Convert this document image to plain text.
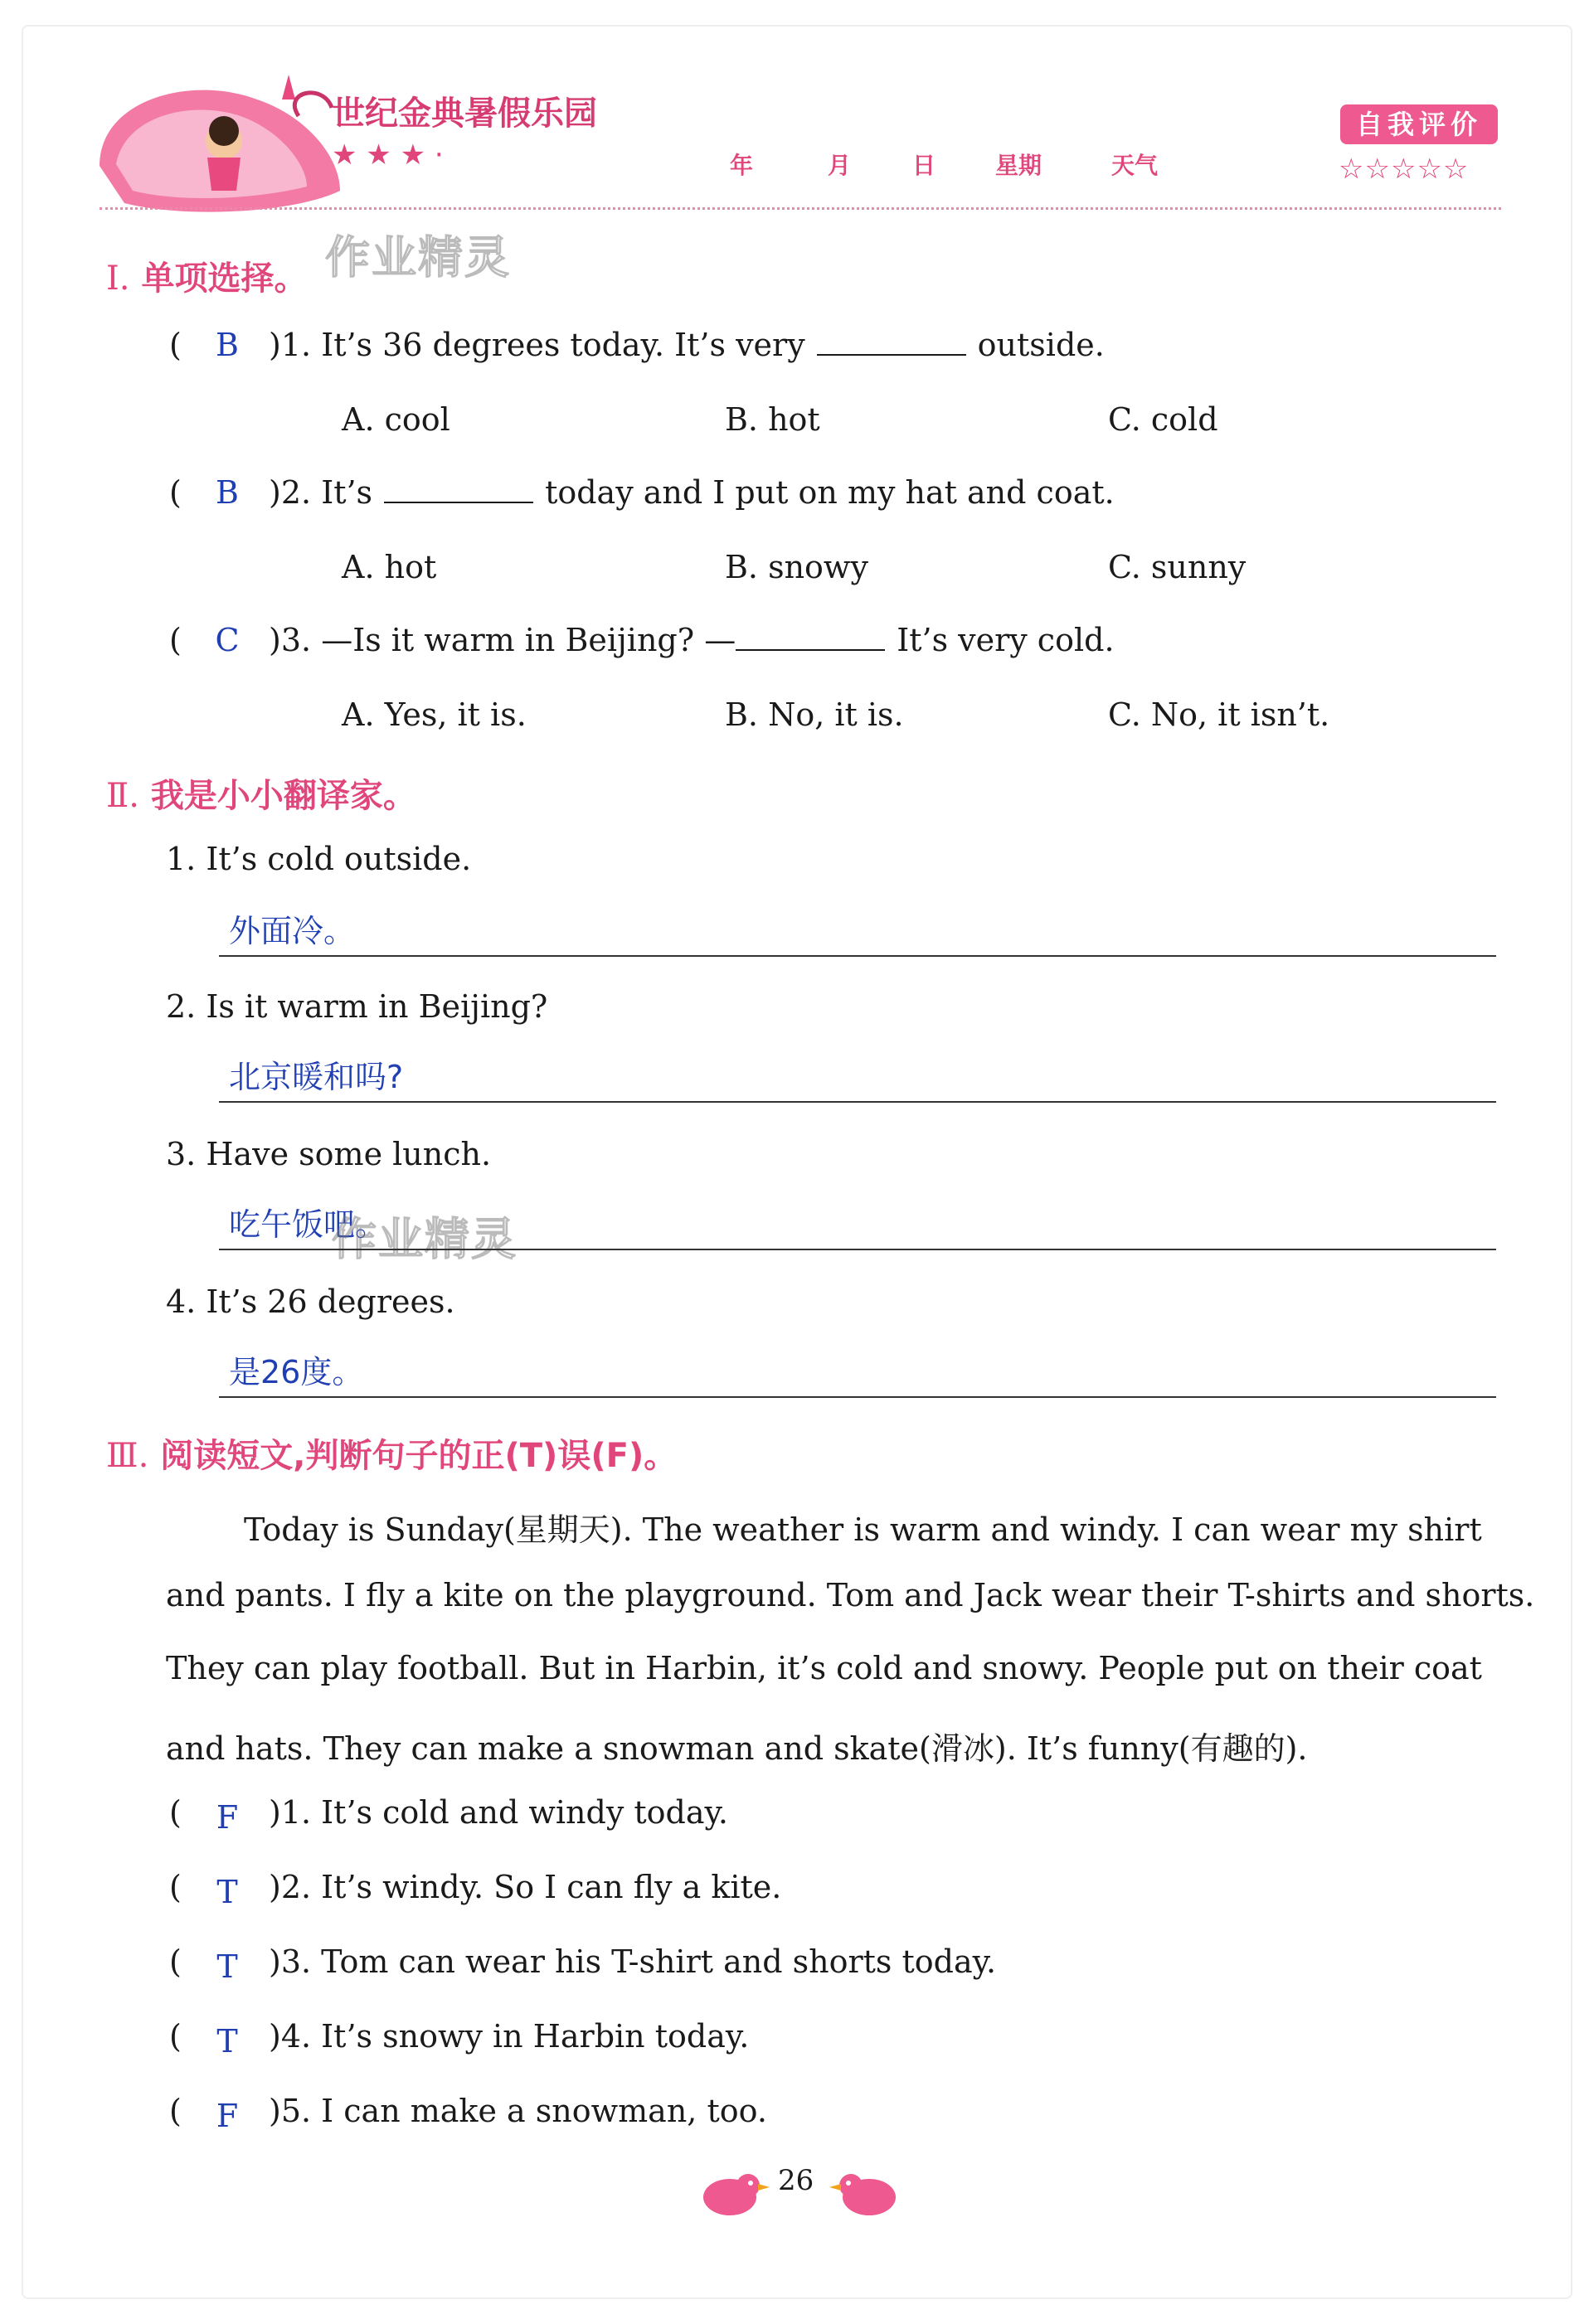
世纪金典暑假乐园
★ ★ ★ ·	年	月	日	星期	天气
自我评价
☆☆☆☆☆
Ⅰ. 单项选择。 作业精灵
(	B )1. It’s 36 degrees today. It’s very	outside.
A. cool	B. hot	C. cold
(	B )2. It’s	today and I put on my hat and coat.
A. hot	B. snowy	C. sunny
(	C )3. —Is it warm in Beijing? —	It’s very cold.
A. Yes, it is.	B. No, it is.	C. No, it isn’t.
Ⅱ. 我是小小翻译家。
1. It’s cold outside.
外面冷。
2. Is it warm in Beijing?
北京暖和吗?
3. Have some lunch.
吃午饭吧。
作业精灵
4. It’s 26 degrees.
是26度。
Ⅲ. 阅读短文,判断句子的正(T)误(F)。
Today is Sunday(星期天). The weather is warm and windy. I can wear my shirt
and pants. I fly a kite on the playground. Tom and Jack wear their T-shirts and shorts.
They can play football. But in Harbin, it’s cold and snowy. People put on their coat
and hats. They can make a snowman and skate(滑冰). It’s funny(有趣的).
(	F )1. It’s cold and windy today.
(	T )2. It’s windy. So I can fly a kite.
(	T )3. Tom can wear his T-shirt and shorts today.
(	T )4. It’s snowy in Harbin today.
(	F )5. I can make a snowman, too.
26
